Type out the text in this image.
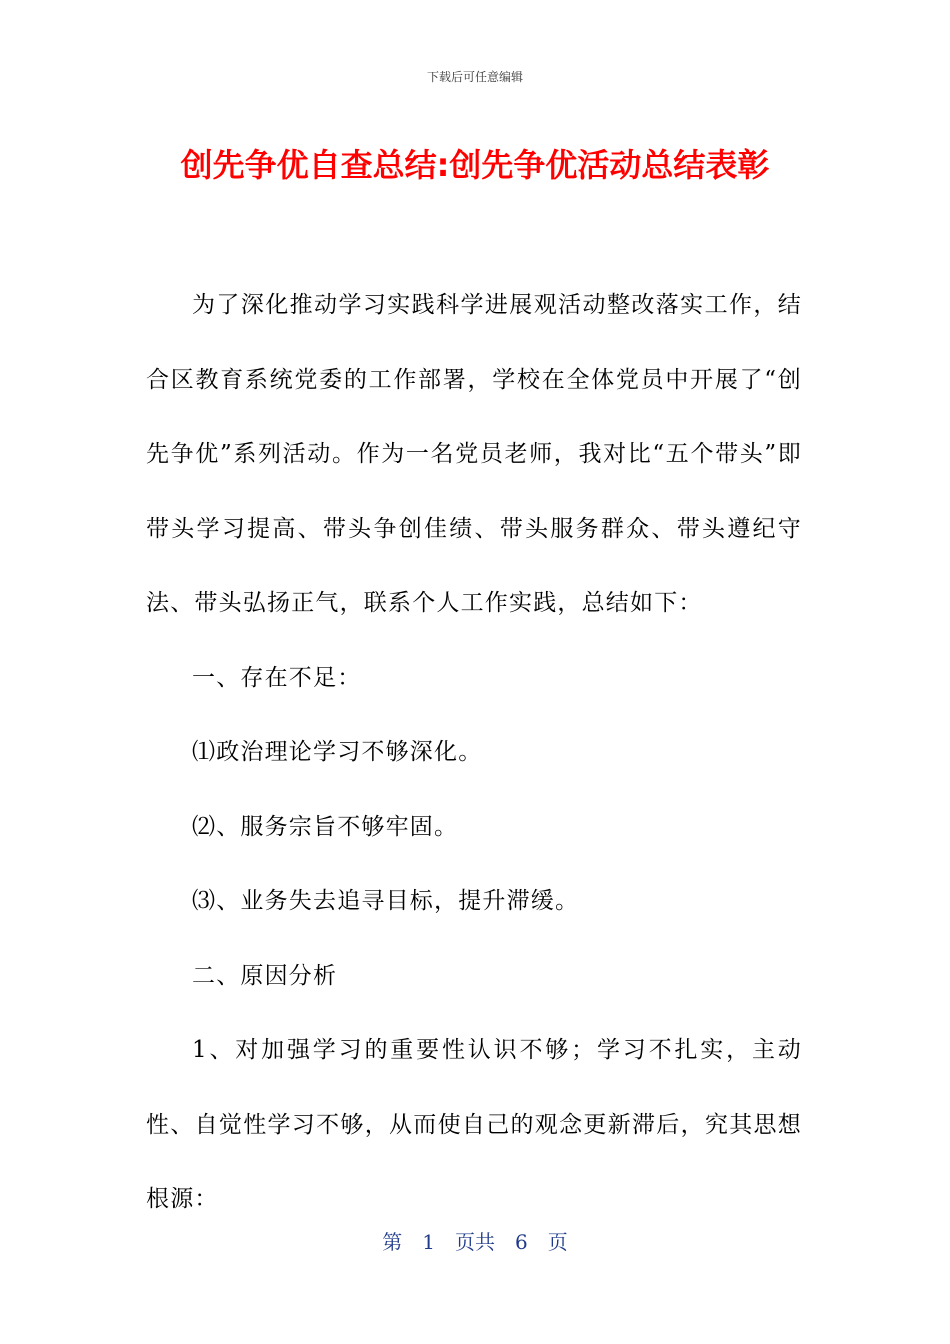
下载后可任意编辑
创先争优自查总结:创先争优活动总结表彰

为了深化推动学习实践科学进展观活动整改落实工作，结合区教育系统党委的工作部署，学校在全体党员中开展了“创先争优”系列活动。作为一名党员老师，我对比“五个带头”即带头学习提高、带头争创佳绩、带头服务群众、带头遵纪守法、带头弘扬正气，联系个人工作实践，总结如下：

一、存在不足：

⑴政治理论学习不够深化。

⑵、服务宗旨不够牢固。

⑶、业务失去追寻目标，提升滞缓。

二、原因分析

1、对加强学习的重要性认识不够；学习不扎实，主动性、自觉性学习不够，从而使自己的观念更新滞后，究其思想根源：

第 1 页共 6 页
